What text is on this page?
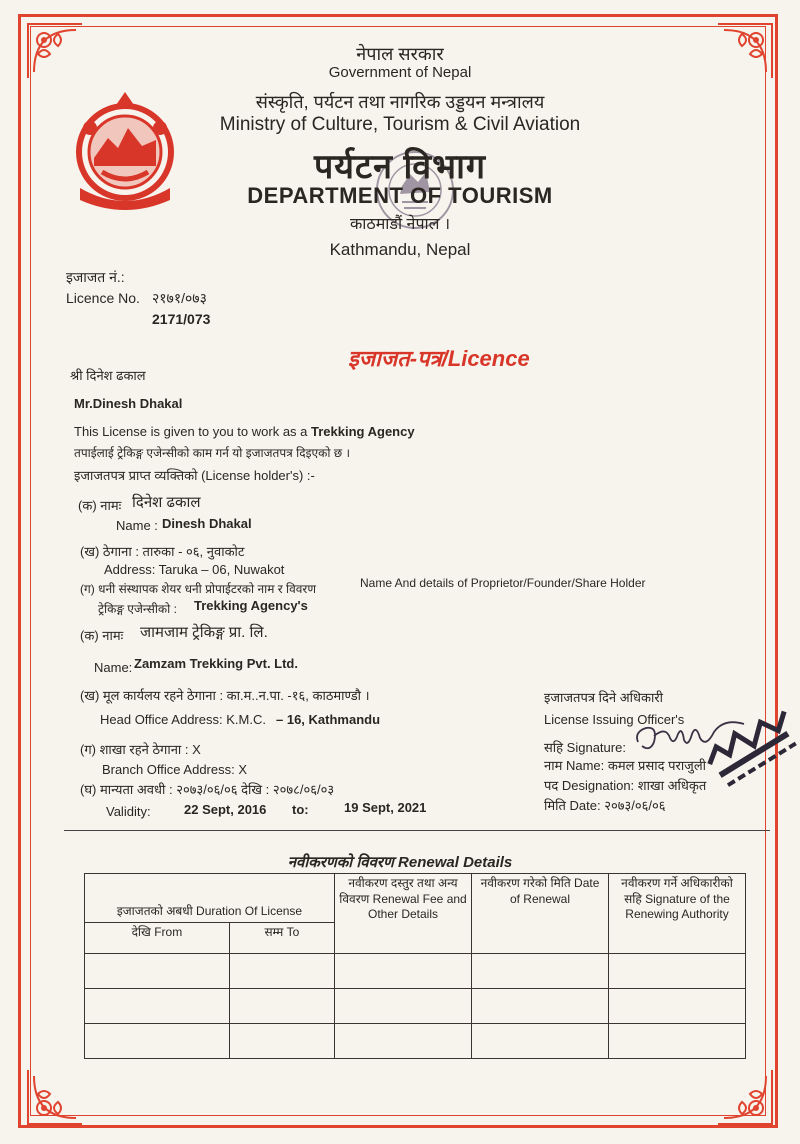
नेपाल सरकार
Government of Nepal
संस्कृति, पर्यटन तथा नागरिक उड्डयन मन्त्रालय
Ministry of Culture, Tourism & Civil Aviation
पर्यटन विभाग
DEPARTMENT OF TOURISM
काठमाडौं नेपाल ।
Kathmandu, Nepal
इजाजत नं.:
Licence No. २१७१/०७३
2171/073
इजाजत-पत्र/Licence
श्री दिनेश ढकाल
Mr.Dinesh Dhakal
This License is given to you to work as a Trekking Agency
तपाईलाई ट्रेकिङ्ग एजेन्सीको काम गर्न यो इजाजतपत्र दिइएको छ ।
इजाजतपत्र प्राप्त व्यक्तिको (License holder's) :-
(क) नामः दिनेश ढकाल
Name : Dinesh Dhakal
(ख) ठेगाना : तारुका - ०६, नुवाकोट
Address: Taruka – 06, Nuwakot
(ग) धनी संस्थापक शेयर धनी प्रोपाईटरको नाम र विवरण	Name And details of Proprietor/Founder/Share Holder
ट्रेकिङ्ग एजेन्सीको : Trekking Agency's
(क) नामः जामजाम ट्रेकिङ्ग प्रा. लि.
Name: Zamzam Trekking Pvt. Ltd.
(ख) मूल कार्यलय रहने ठेगाना : का.म..न.पा. -१६, काठमाण्डौ ।
Head Office Address: K.M.C. – 16, Kathmandu
(ग) शाखा रहने ठेगाना : X
Branch Office Address: X
(घ) मान्यता अवधी : २०७३/०६/०६ देखि : २०७८/०६/०३
Validity:	22 Sept, 2016 to:	19 Sept, 2021
इजाजतपत्र दिने अधिकारी
License Issuing Officer's
सहि Signature:
नाम Name: कमल प्रसाद पराजुली
पद Designation: शाखा अधिकृत
मिति Date: २०७३/०६/०६
नवीकरणको विवरण Renewal Details
इजाजतको अबधी Duration Of License		नवीकरण दस्तुर तथा अन्य विवरण Renewal Fee and Other Details	नवीकरण गरेको मिति Date of Renewal	नवीकरण गर्ने अधिकारीको सहि Signature of the Renewing Authority
देखि From	सम्म To			
